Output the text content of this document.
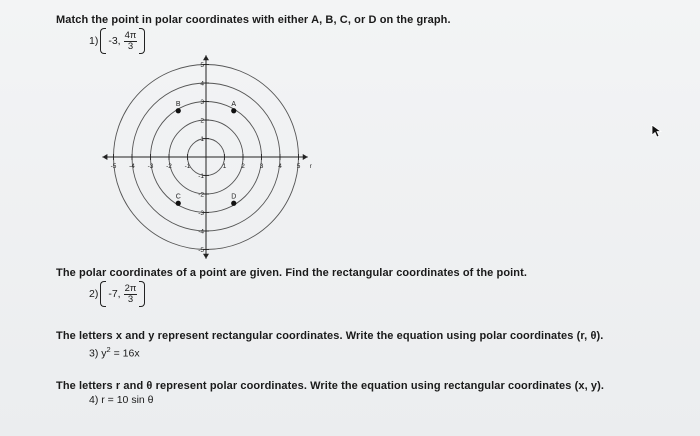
Match the point in polar coordinates with either A, B, C, or D on the graph.
1) -3, $\frac{4\pi}{3}$
-5 -4 -3 -2 -1	1 2 3 4 5 r
5
4
3
2
1
-1
-2
-3
-4
-5
A
B
C	D
The polar coordinates of a point are given. Find the rectangular coordinates of the point.
2) -7, $\frac{2\pi}{3}$
The letters x and y represent rectangular coordinates. Write the equation using polar coordinates (r, θ).
3) $y^2 = 16x$
The letters r and θ represent polar coordinates. Write the equation using rectangular coordinates (x, y).
4) r = 10 sin θ
